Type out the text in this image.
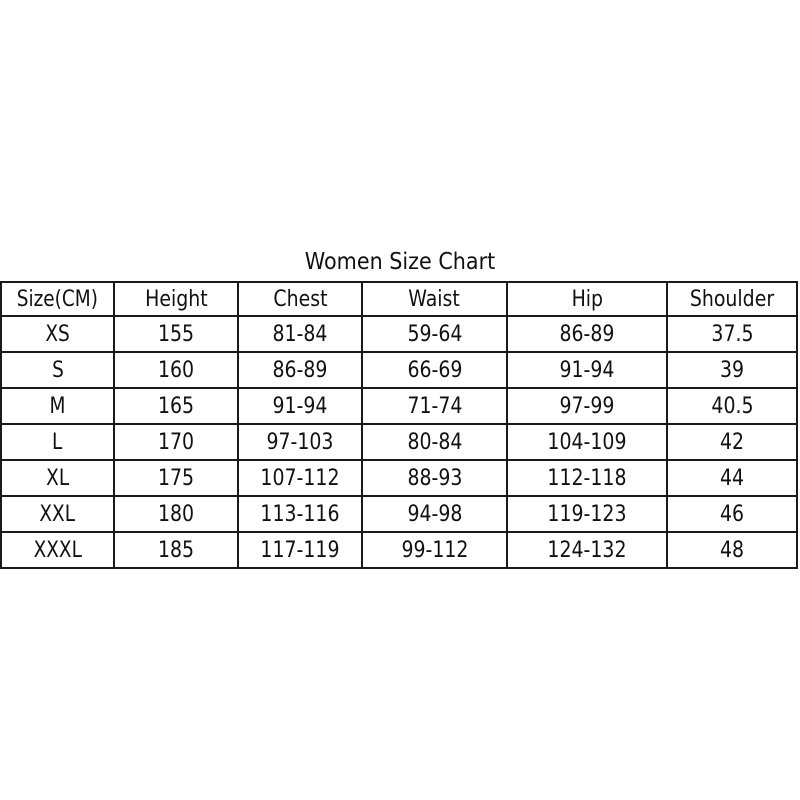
Women Size Chart
Size(CM)	Height	Chest	Waist	Hip	Shoulder
XS	155	81-84	59-64	86-89	37.5
S	160	86-89	66-69	91-94	39
M	165	91-94	71-74	97-99	40.5
L	170	97-103	80-84	104-109	42
XL	175	107-112	88-93	112-118	44
XXL	180	113-116	94-98	119-123	46
XXXL	185	117-119	99-112	124-132	48
